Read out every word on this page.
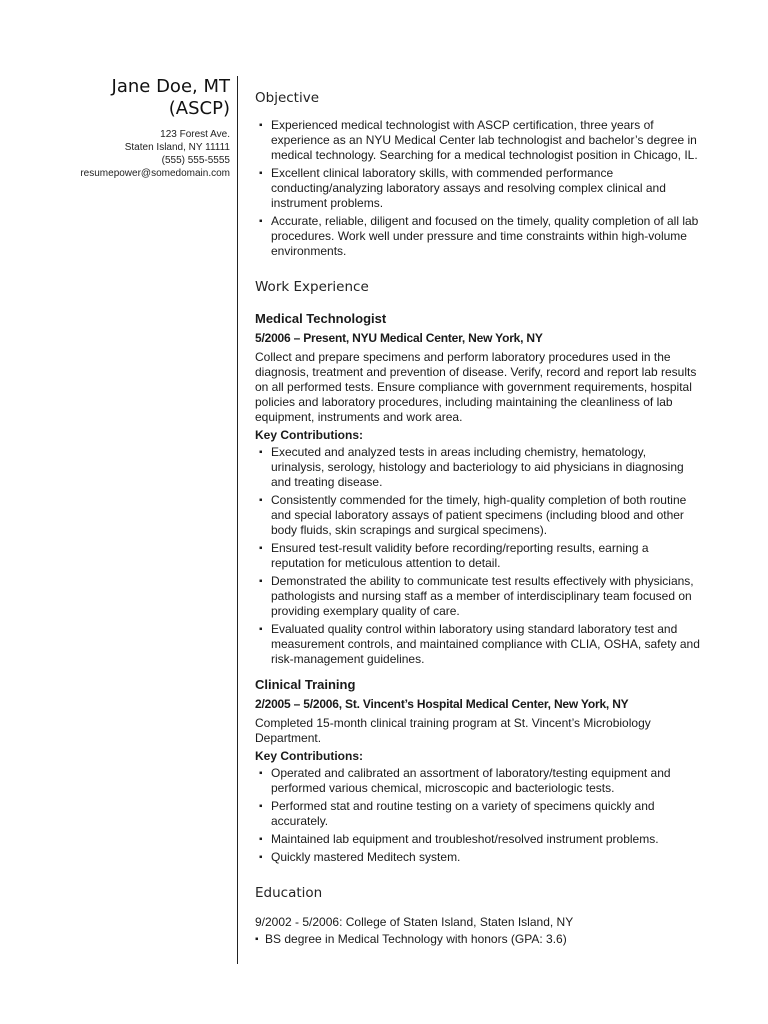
Jane Doe, MT
(ASCP)
123 Forest Ave.
Staten Island, NY 11111
(555) 555-5555
resumepower@somedomain.com
Objective
▪ Experienced medical technologist with ASCP certification, three years of experience as an NYU Medical Center lab technologist and bachelor’s degree in medical technology. Searching for a medical technologist position in Chicago, IL.
▪ Excellent clinical laboratory skills, with commended performance conducting/analyzing laboratory assays and resolving complex clinical and instrument problems.
▪ Accurate, reliable, diligent and focused on the timely, quality completion of all lab procedures. Work well under pressure and time constraints within high-volume environments.
Work Experience
Medical Technologist
5/2006 – Present, NYU Medical Center, New York, NY
Collect and prepare specimens and perform laboratory procedures used in the diagnosis, treatment and prevention of disease. Verify, record and report lab results on all performed tests. Ensure compliance with government requirements, hospital policies and laboratory procedures, including maintaining the cleanliness of lab equipment, instruments and work area.
Key Contributions:
▪ Executed and analyzed tests in areas including chemistry, hematology, urinalysis, serology, histology and bacteriology to aid physicians in diagnosing and treating disease.
▪ Consistently commended for the timely, high-quality completion of both routine and special laboratory assays of patient specimens (including blood and other body fluids, skin scrapings and surgical specimens).
▪ Ensured test-result validity before recording/reporting results, earning a reputation for meticulous attention to detail.
▪ Demonstrated the ability to communicate test results effectively with physicians, pathologists and nursing staff as a member of interdisciplinary team focused on providing exemplary quality of care.
▪ Evaluated quality control within laboratory using standard laboratory test and measurement controls, and maintained compliance with CLIA, OSHA, safety and risk-management guidelines.
Clinical Training
2/2005 – 5/2006, St. Vincent’s Hospital Medical Center, New York, NY
Completed 15-month clinical training program at St. Vincent’s Microbiology Department.
Key Contributions:
▪ Operated and calibrated an assortment of laboratory/testing equipment and performed various chemical, microscopic and bacteriologic tests.
▪ Performed stat and routine testing on a variety of specimens quickly and accurately.
▪ Maintained lab equipment and troubleshot/resolved instrument problems.
▪ Quickly mastered Meditech system.
Education
9/2002 - 5/2006: College of Staten Island, Staten Island, NY
▪ BS degree in Medical Technology with honors (GPA: 3.6)
